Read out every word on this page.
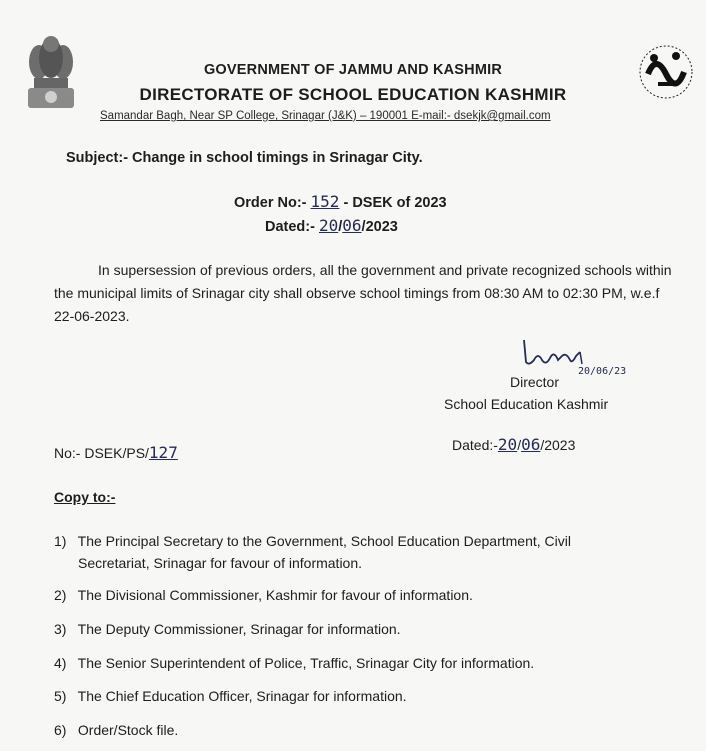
GOVERNMENT OF JAMMU AND KASHMIR
DIRECTORATE OF SCHOOL EDUCATION KASHMIR
Samandar Bagh, Near SP College, Srinagar (J&K) – 190001 E-mail:- dsekjk@gmail.com
Subject:- Change in school timings in Srinagar City.
Order No:- 152 - DSEK of 2023
Dated:- 20/06/2023

In supersession of previous orders, all the government and private recognized schools within the municipal limits of Srinagar city shall observe school timings from 08:30 AM to 02:30 PM, w.e.f 22-06-2023.

20/06/23
Director
School Education Kashmir
No:- DSEK/PS/127	Dated:-20/06/2023
Copy to:-
1) The Principal Secretary to the Government, School Education Department, Civil
Secretariat, Srinagar for favour of information.
2) The Divisional Commissioner, Kashmir for favour of information.
3) The Deputy Commissioner, Srinagar for information.
4) The Senior Superintendent of Police, Traffic, Srinagar City for information.
5) The Chief Education Officer, Srinagar for information.
6) Order/Stock file.
